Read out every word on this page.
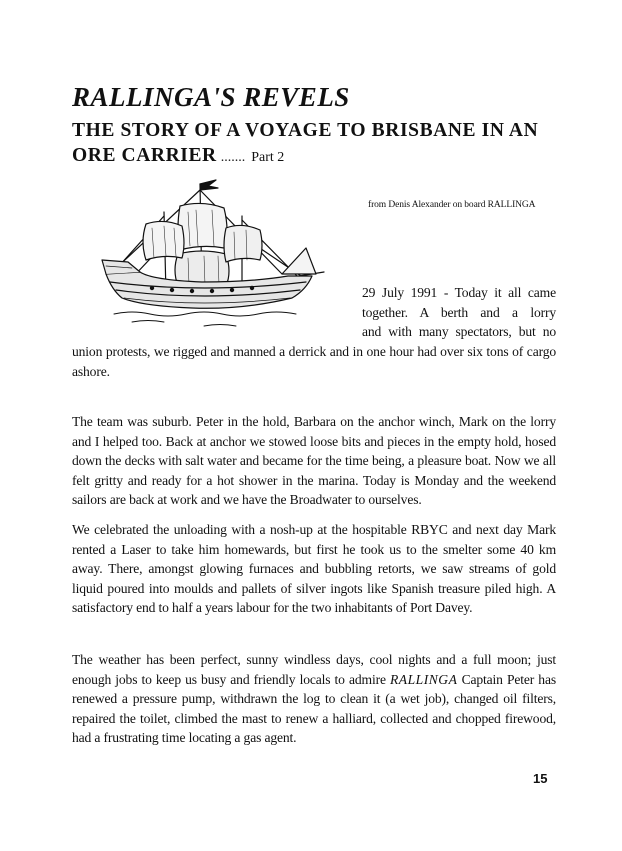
RALLINGA'S REVELS
THE STORY OF A VOYAGE TO BRISBANE IN AN ORE CARRIER ....... Part 2
from Denis Alexander on board RALLINGA
29 July 1991 - Today it all came
together. A berth and a lorry
and with many spectators, but no
union protests, we rigged and manned a derrick and in one hour had over six tons of cargo ashore.

The team was suburb. Peter in the hold, Barbara on the anchor winch, Mark on the lorry and I helped too. Back at anchor we stowed loose bits and pieces in the empty hold, hosed down the decks with salt water and became for the time being, a pleasure boat. Now we all felt gritty and ready for a hot shower in the marina. Today is Monday and the weekend sailors are back at work and we have the Broadwater to ourselves.

We celebrated the unloading with a nosh-up at the hospitable RBYC and next day Mark rented a Laser to take him homewards, but first he took us to the smelter some 40 km away. There, amongst glowing furnaces and bubbling retorts, we saw streams of gold liquid poured into moulds and pallets of silver ingots like Spanish treasure piled high. A satisfactory end to half a years labour for the two inhabitants of Port Davey.

The weather has been perfect, sunny windless days, cool nights and a full moon; just enough jobs to keep us busy and friendly locals to admire RALLINGA Captain Peter has renewed a pressure pump, withdrawn the log to clean it (a wet job), changed oil filters, repaired the toilet, climbed the mast to renew a halliard, collected and chopped firewood, had a frustrating time locating a gas agent.

15
